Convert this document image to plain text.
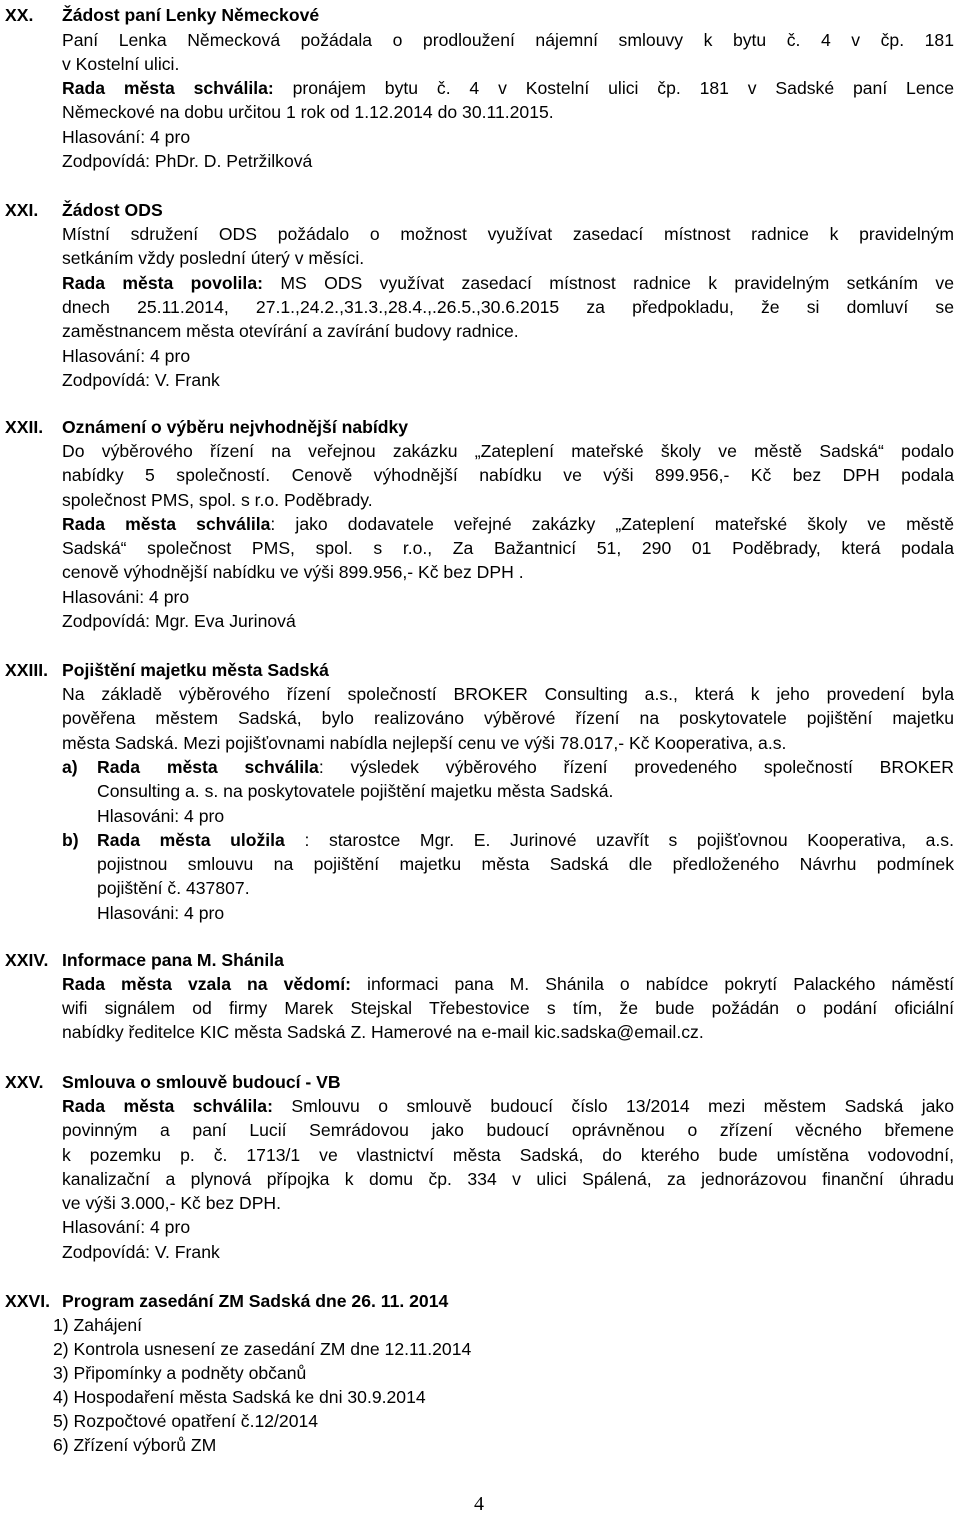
XX. Žádost paní Lenky Německové
Paní Lenka Německová požádala o prodloužení nájemní smlouvy k bytu č. 4 v čp. 181
v Kostelní ulici.
Rada města schválila: pronájem bytu č. 4 v Kostelní ulici čp. 181 v Sadské paní Lence
Německové na dobu určitou 1 rok od 1.12.2014 do 30.11.2015.
Hlasování: 4 pro
Zodpovídá: PhDr. D. Petržilková
XXI. Žádost ODS
Místní sdružení ODS požádalo o možnost využívat zasedací místnost radnice k pravidelným
setkáním vždy poslední úterý v měsíci.
Rada města povolila: MS ODS využívat zasedací místnost radnice k pravidelným setkáním ve
dnech 25.11.2014, 27.1.,24.2.,31.3.,28.4.,.26.5.,30.6.2015 za předpokladu, že si domluví se
zaměstnancem města otevírání a zavírání budovy radnice.
Hlasování: 4 pro
Zodpovídá: V. Frank
XXII. Oznámení o výběru nejvhodnější nabídky
Do výběrového řízení na veřejnou zakázku „Zateplení mateřské školy ve městě Sadská“ podalo
nabídky 5 společností. Cenově výhodnější nabídku ve výši 899.956,- Kč bez DPH podala
společnost PMS, spol. s r.o. Poděbrady.
Rada města schválila: jako dodavatele veřejné zakázky „Zateplení mateřské školy ve městě
Sadská“ společnost PMS, spol. s r.o., Za Bažantnicí 51, 290 01 Poděbrady, která podala
cenově výhodnější nabídku ve výši 899.956,- Kč bez DPH .
Hlasováni: 4 pro
Zodpovídá: Mgr. Eva Jurinová
XXIII. Pojištění majetku města Sadská
Na základě výběrového řízení společností BROKER Consulting a.s., která k jeho provedení byla
pověřena městem Sadská, bylo realizováno výběrové řízení na poskytovatele pojištění majetku
města Sadská. Mezi pojišťovnami nabídla nejlepší cenu ve výši 78.017,- Kč Kooperativa, a.s.
a) Rada města schválila: výsledek výběrového řízení provedeného společností BROKER
Consulting a. s. na poskytovatele pojištění majetku města Sadská.
Hlasováni: 4 pro
b) Rada města uložila : starostce Mgr. E. Jurinové uzavřít s pojišťovnou Kooperativa, a.s.
pojistnou smlouvu na pojištění majetku města Sadská dle předloženého Návrhu podmínek
pojištění č. 437807.
Hlasováni: 4 pro
XXIV. Informace pana M. Shánila
Rada města vzala na vědomí: informaci pana M. Shánila o nabídce pokrytí Palackého náměstí
wifi signálem od firmy Marek Stejskal Třebestovice s tím, že bude požádán o podání oficiální
nabídky ředitelce KIC města Sadská Z. Hamerové na e-mail kic.sadska@email.cz.
XXV. Smlouva o smlouvě budoucí - VB
Rada města schválila: Smlouvu o smlouvě budoucí číslo 13/2014 mezi městem Sadská jako
povinným a paní Lucií Semrádovou jako budoucí oprávněnou o zřízení věcného břemene
k pozemku p. č. 1713/1 ve vlastnictví města Sadská, do kterého bude umístěna vodovodní,
kanalizační a plynová přípojka k domu čp. 334 v ulici Spálená, za jednorázovou finanční úhradu
ve výši 3.000,- Kč bez DPH.
Hlasování: 4 pro
Zodpovídá: V. Frank
XXVI. Program zasedání ZM Sadská dne 26. 11. 2014
1) Zahájení
2) Kontrola usnesení ze zasedání ZM dne 12.11.2014
3) Připomínky a podněty občanů
4) Hospodaření města Sadská ke dni 30.9.2014
5) Rozpočtové opatření č.12/2014
6) Zřízení výborů ZM
4
